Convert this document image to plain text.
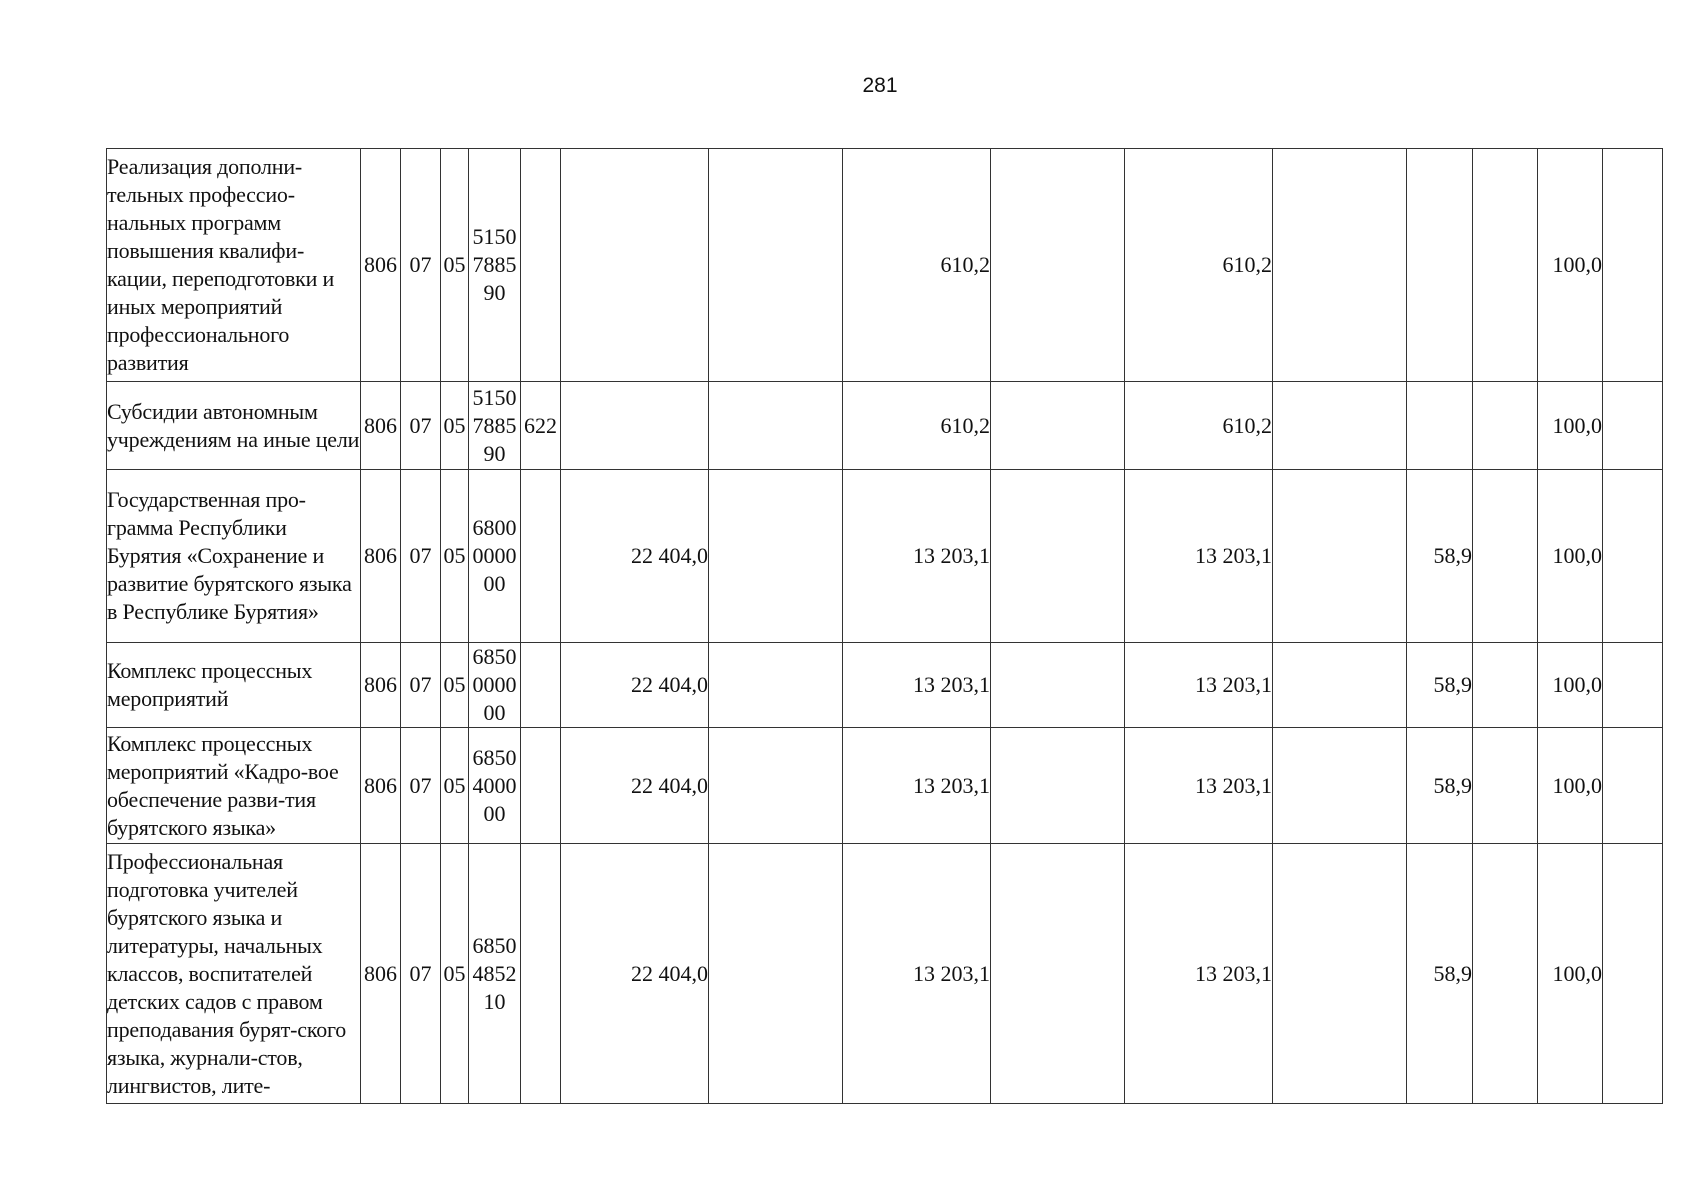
281
Реализация дополни-тельных профессио-нальных программ повышения квалифи-кации, переподготовки и иных мероприятий профессионального развития	806	07	05	5150
7885
90				610,2		610,2				100,0	
Субсидии автономным учреждениям на иные цели	806	07	05	5150
7885
90	622			610,2		610,2				100,0	
Государственная про-грамма Республики Бурятия «Сохранение и развитие бурятского языка в Республике Бурятия»	806	07	05	6800
0000
00		22 404,0		13 203,1		13 203,1		58,9		100,0	
Комплекс процессных мероприятий	806	07	05	6850
0000
00		22 404,0		13 203,1		13 203,1		58,9		100,0	
Комплекс процессных мероприятий «Кадро-вое обеспечение разви-тия бурятского языка»	806	07	05	6850
4000
00		22 404,0		13 203,1		13 203,1		58,9		100,0	
Профессиональная подготовка учителей бурятского языка и литературы, начальных классов, воспитателей детских садов с правом преподавания бурят-ского языка, журнали-стов, лингвистов, лите-	806	07	05	6850
4852
10		22 404,0		13 203,1		13 203,1		58,9		100,0	
